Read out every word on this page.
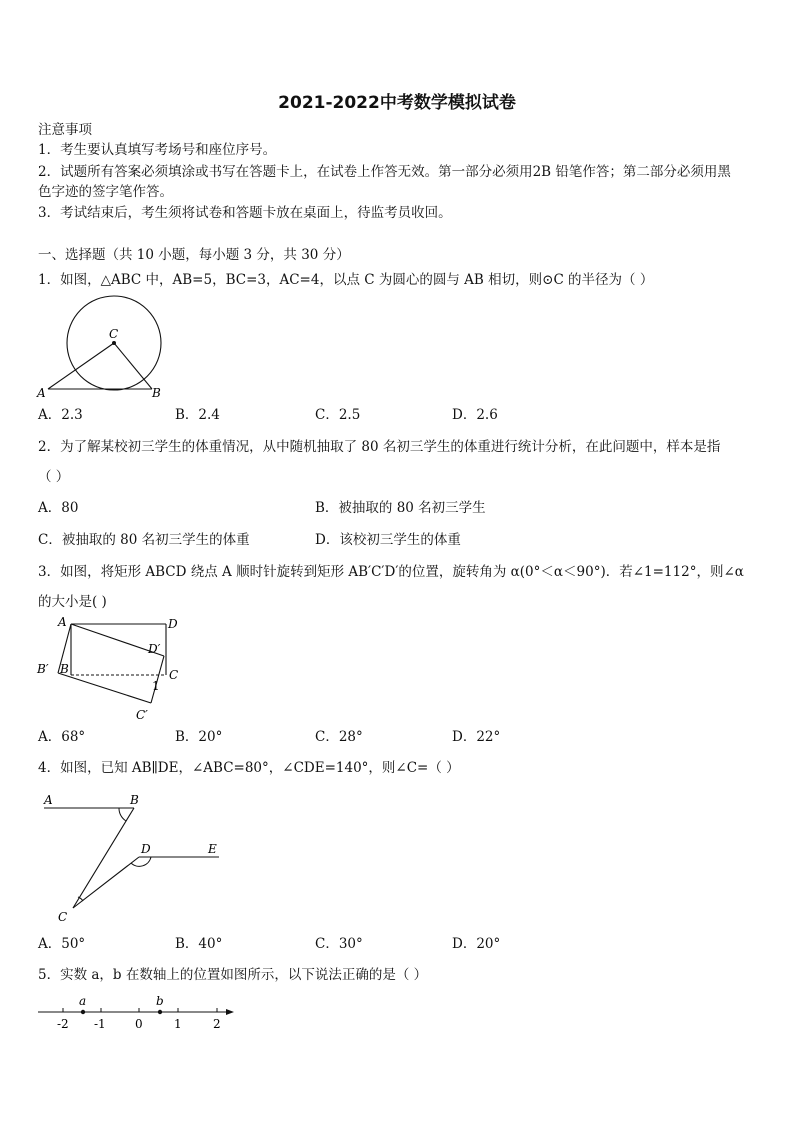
2021-2022中考数学模拟试卷
注意事项
1．考生要认真填写考场号和座位序号。
2．试题所有答案必须填涂或书写在答题卡上，在试卷上作答无效。第一部分必须用2B 铅笔作答；第二部分必须用黑
色字迹的签字笔作答。
3．考试结束后，考生须将试卷和答题卡放在桌面上，待监考员收回。
一、选择题（共 10 小题，每小题 3 分，共 30 分）
1．如图，△ABC 中，AB=5，BC=3，AC=4，以点 C 为圆心的圆与 AB 相切，则⊙C 的半径为（ ）
C
A	B
A．2.3	B．2.4	C．2.5	D．2.6
2．为了解某校初三学生的体重情况，从中随机抽取了 80 名初三学生的体重进行统计分析，在此问题中，样本是指
（ ）
A．80	B．被抽取的 80 名初三学生
C．被抽取的 80 名初三学生的体重	D．该校初三学生的体重
3．如图，将矩形 ABCD 绕点 A 顺时针旋转到矩形 AB′C′D′的位置，旋转角为 α(0°＜α＜90°)．若∠1=112°，则∠α
的大小是( )
A	D
D′
B′ B	C
1
C′
A．68°	B．20°	C．28°	D．22°
4．如图，已知 AB∥DE，∠ABC=80°，∠CDE=140°，则∠C=（ ）
A	B
D	E
C
A．50°	B．40°	C．30°	D．20°
5．实数 a，b 在数轴上的位置如图所示，以下说法正确的是（ ）
a	b
-2 -1 0	1	2
